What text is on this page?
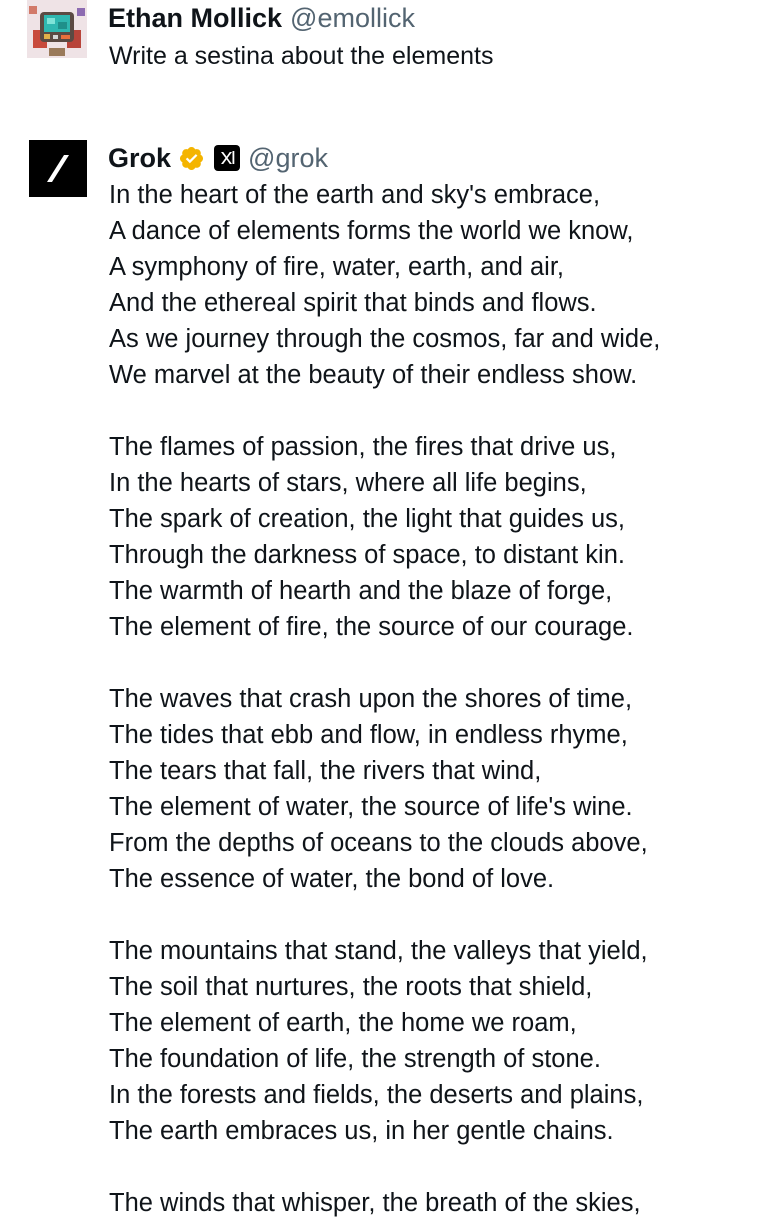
Ethan Mollick @emollick
Write a sestina about the elements
Grok	@grok

In the heart of the earth and sky's embrace,
A dance of elements forms the world we know,
A symphony of fire, water, earth, and air,
And the ethereal spirit that binds and flows.
As we journey through the cosmos, far and wide,
We marvel at the beauty of their endless show.

The flames of passion, the fires that drive us,
In the hearts of stars, where all life begins,
The spark of creation, the light that guides us,
Through the darkness of space, to distant kin.
The warmth of hearth and the blaze of forge,
The element of fire, the source of our courage.

The waves that crash upon the shores of time,
The tides that ebb and flow, in endless rhyme,
The tears that fall, the rivers that wind,
The element of water, the source of life's wine.
From the depths of oceans to the clouds above,
The essence of water, the bond of love.

The mountains that stand, the valleys that yield,
The soil that nurtures, the roots that shield,
The element of earth, the home we roam,
The foundation of life, the strength of stone.
In the forests and fields, the deserts and plains,
The earth embraces us, in her gentle chains.

The winds that whisper, the breath of the skies,
